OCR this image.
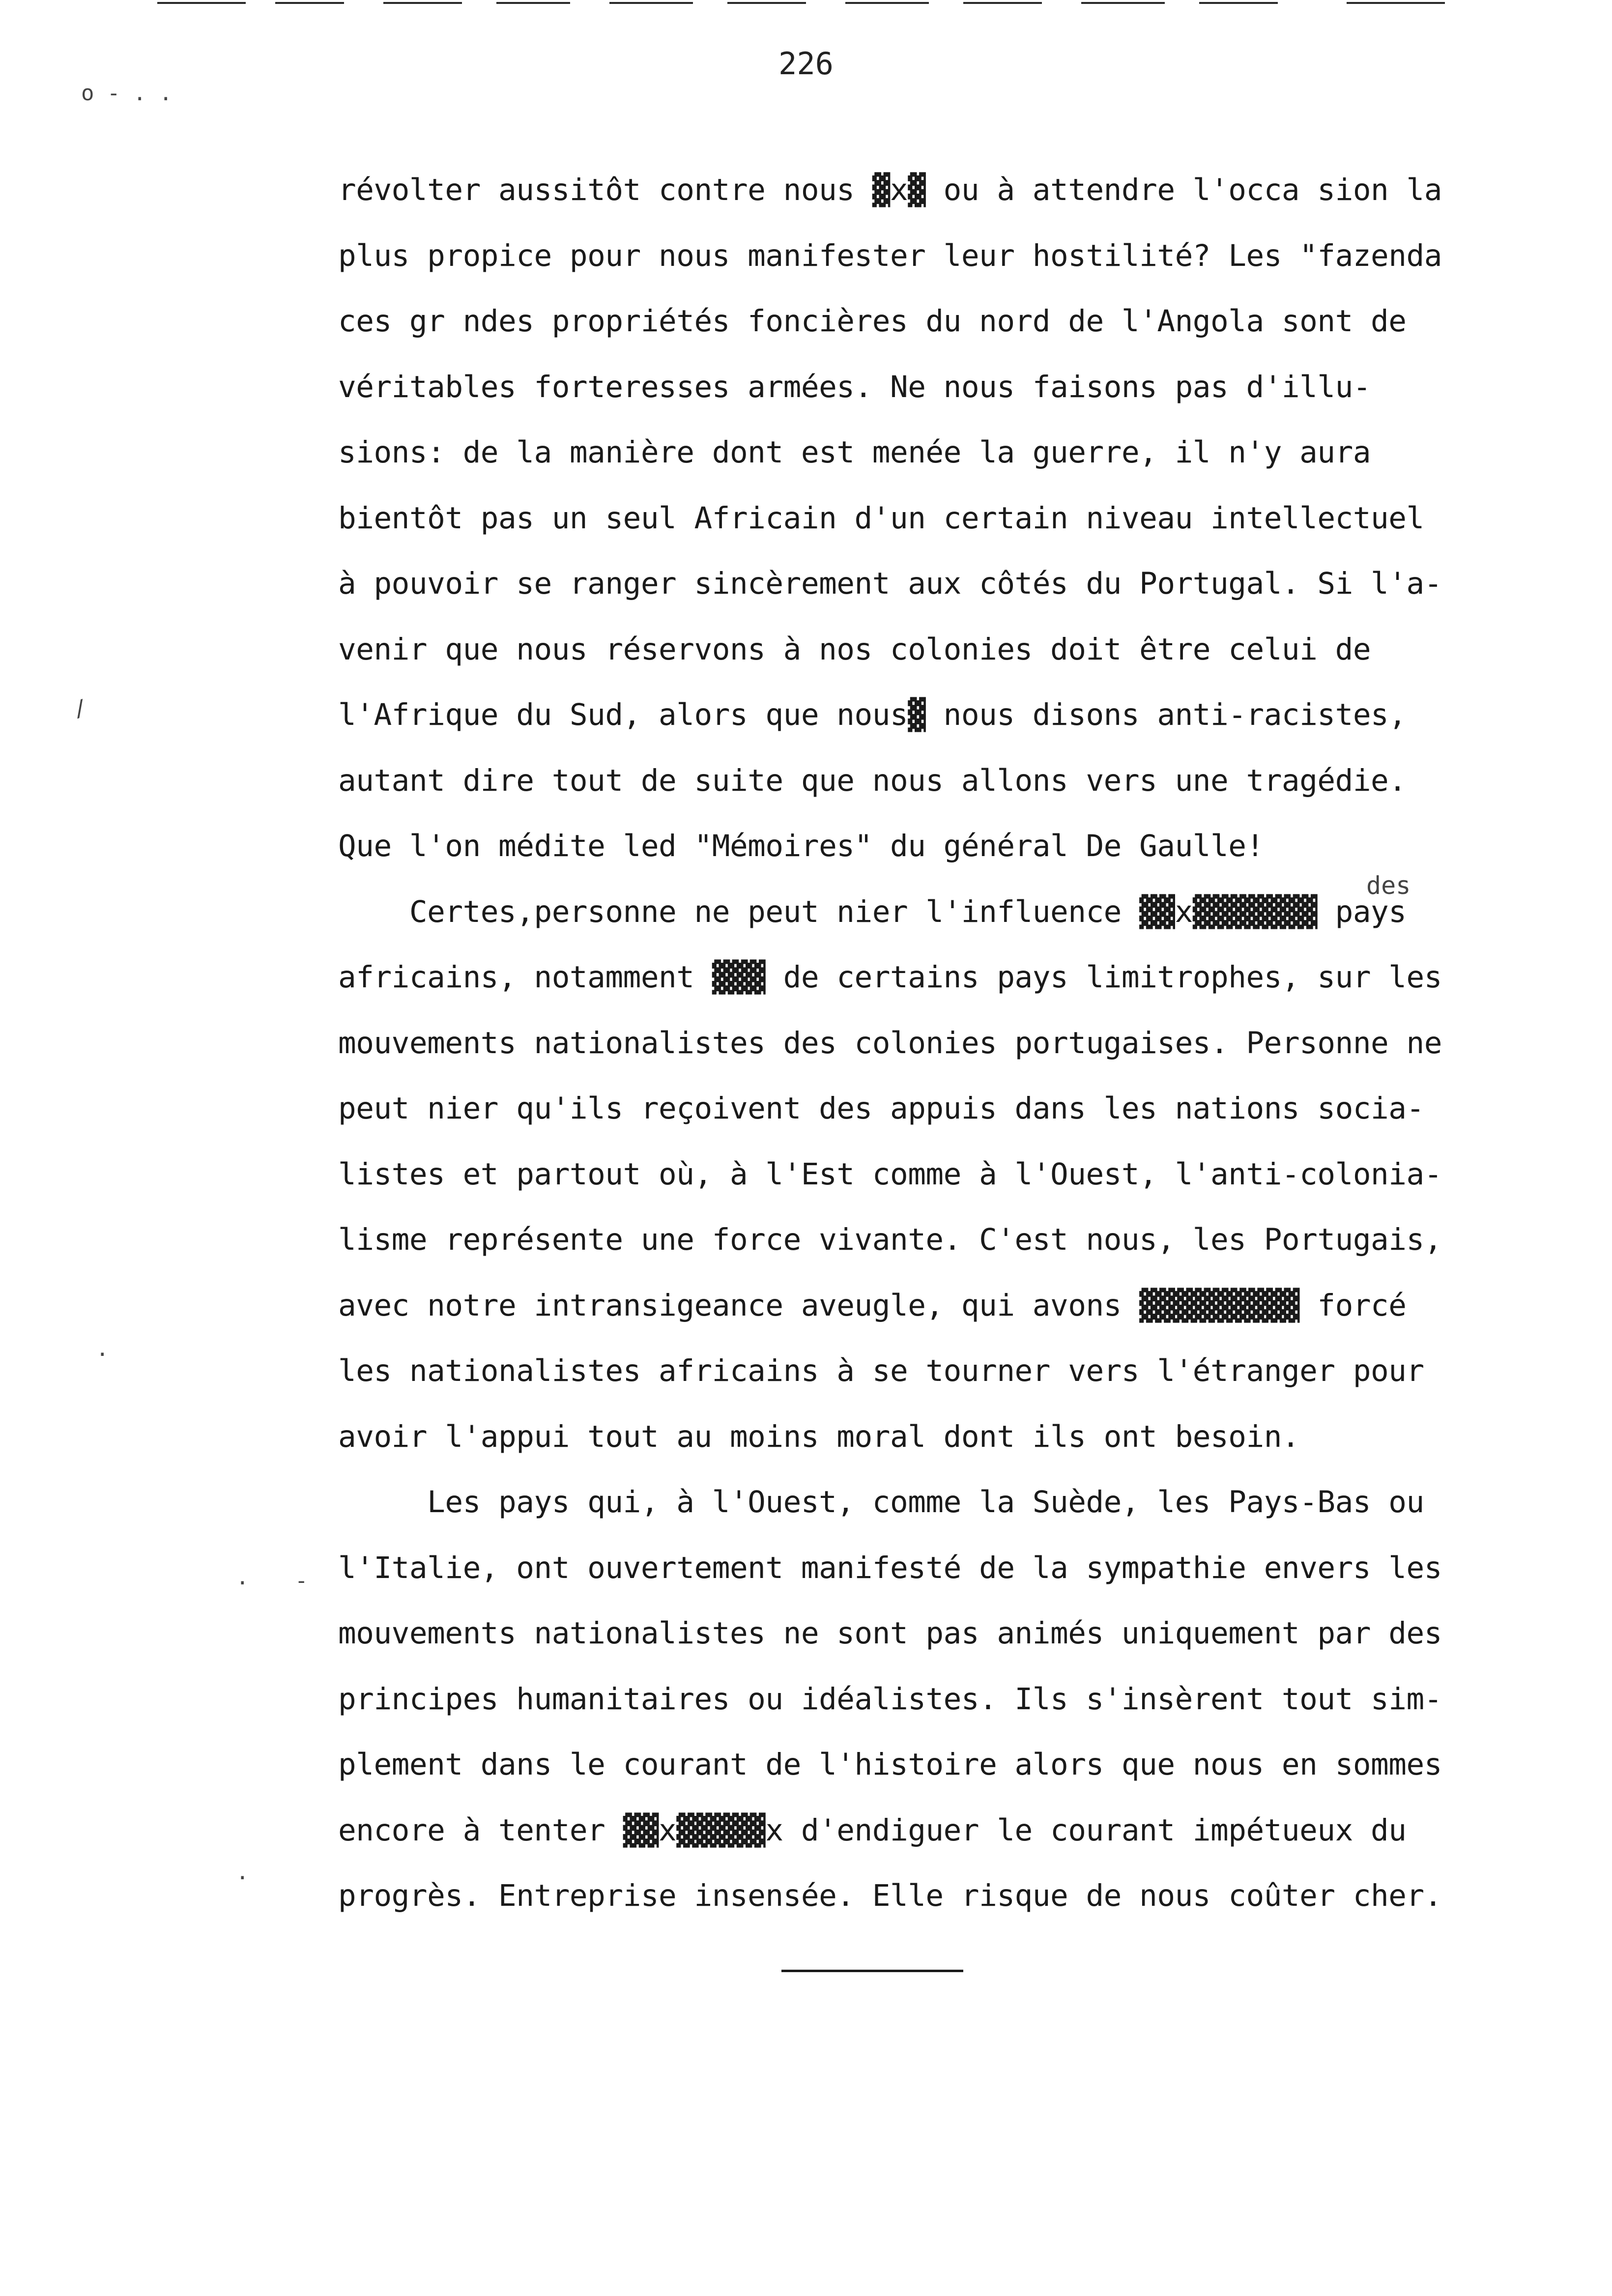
226
o - . .
/
·
·
·
-
des
révolter aussitôt contre nous ▓x▓ ou à attendre l'occa sion la
plus propice pour nous manifester leur hostilité? Les "fazenda
ces gr ndes propriétés foncières du nord de l'Angola sont de
véritables forteresses armées. Ne nous faisons pas d'illu-
sions: de la manière dont est menée la guerre, il n'y aura
bientôt pas un seul Africain d'un certain niveau intellectuel
à pouvoir se ranger sincèrement aux côtés du Portugal. Si l'a-
venir que nous réservons à nos colonies doit être celui de
l'Afrique du Sud, alors que nous▓ nous disons anti-racistes,
autant dire tout de suite que nous allons vers une tragédie.
Que l'on médite led "Mémoires" du général De Gaulle!
Certes,personne ne peut nier l'influence ▓▓x▓▓▓▓▓▓▓ pays
africains, notamment ▓▓▓ de certains pays limitrophes, sur les
mouvements nationalistes des colonies portugaises. Personne ne
peut nier qu'ils reçoivent des appuis dans les nations socia-
listes et partout où, à l'Est comme à l'Ouest, l'anti-colonia-
lisme représente une force vivante. C'est nous, les Portugais,
avec notre intransigeance aveugle, qui avons ▓▓▓▓▓▓▓▓▓ forcé
les nationalistes africains à se tourner vers l'étranger pour
avoir l'appui tout au moins moral dont ils ont besoin.
Les pays qui, à l'Ouest, comme la Suède, les Pays-Bas ou
l'Italie, ont ouvertement manifesté de la sympathie envers les
mouvements nationalistes ne sont pas animés uniquement par des
principes humanitaires ou idéalistes. Ils s'insèrent tout sim-
plement dans le courant de l'histoire alors que nous en sommes
encore à tenter ▓▓x▓▓▓▓▓x d'endiguer le courant impétueux du
progrès. Entreprise insensée. Elle risque de nous coûter cher.
